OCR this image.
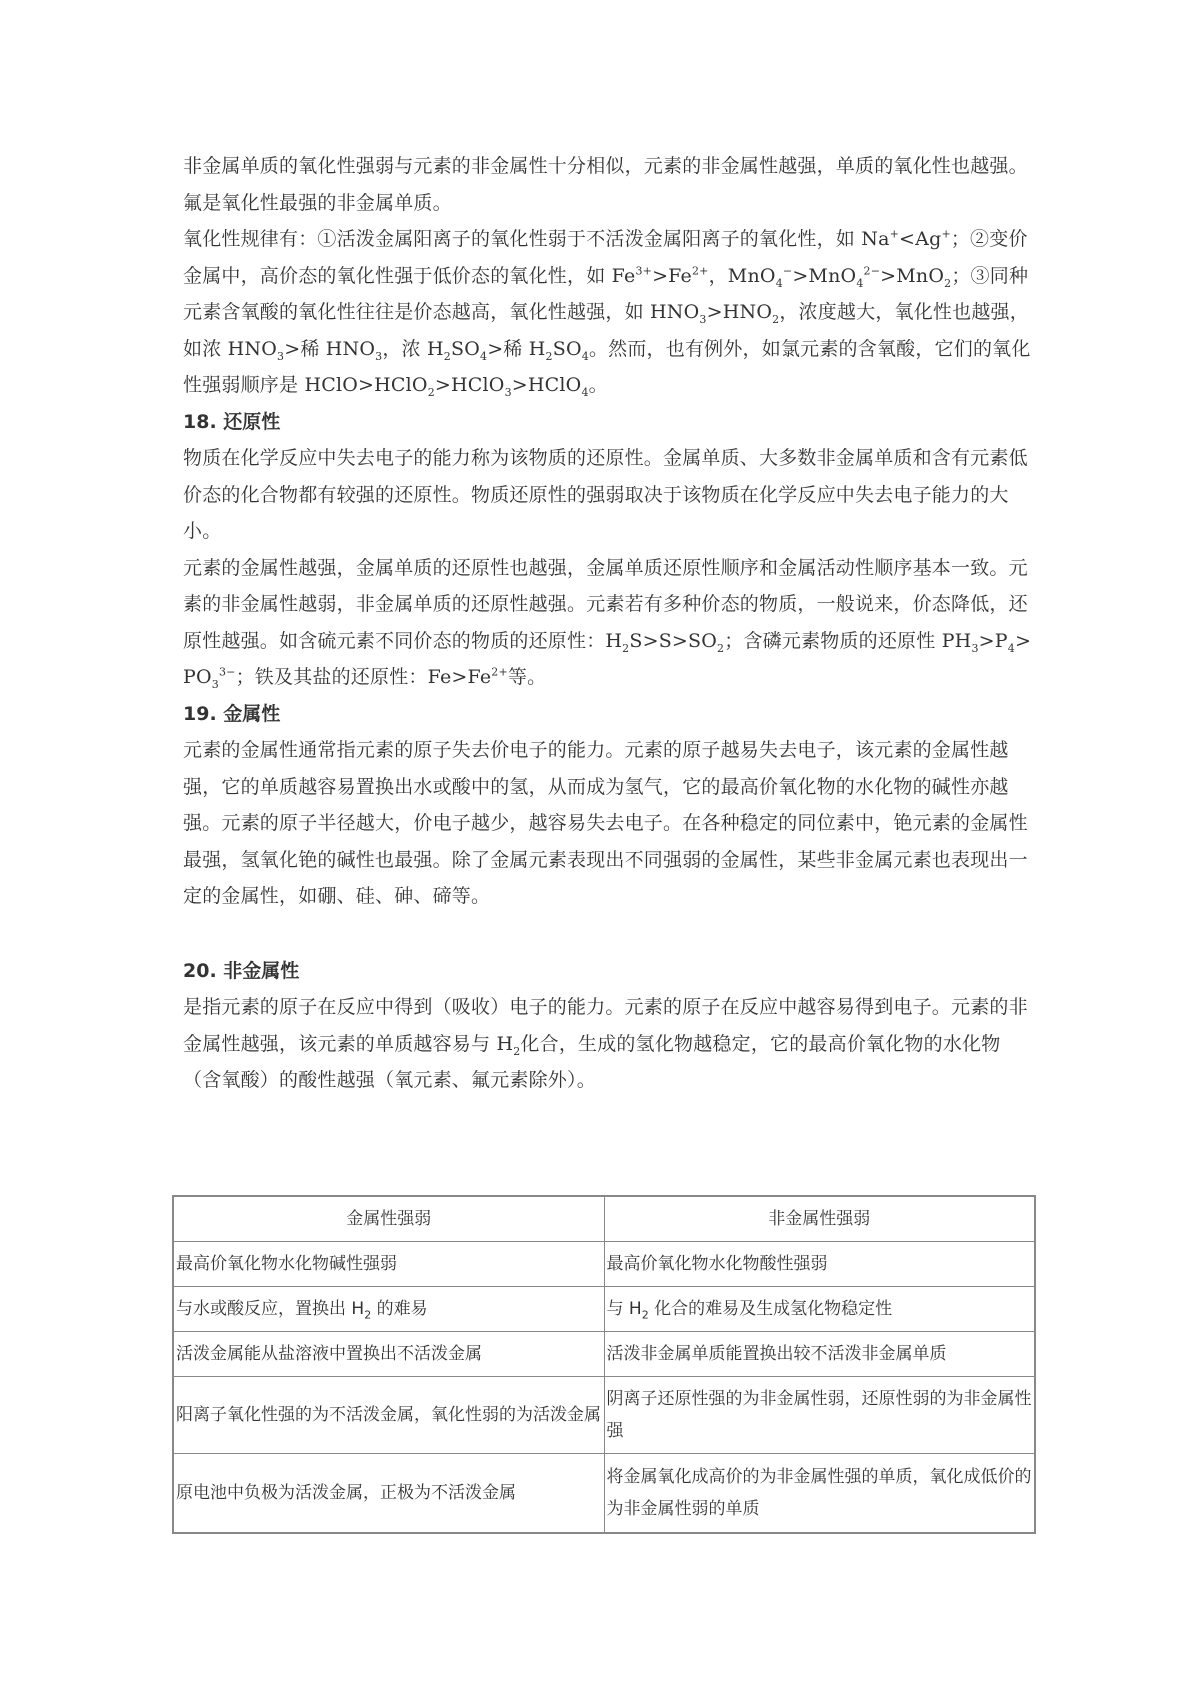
非金属单质的氧化性强弱与元素的非金属性十分相似，元素的非金属性越强，单质的氧化性也越强。氟是氧化性最强的非金属单质。

氧化性规律有：①活泼金属阳离子的氧化性弱于不活泼金属阳离子的氧化性，如 Na+<Ag+；②变价金属中，高价态的氧化性强于低价态的氧化性，如 $Fe^{3+}>Fe^{2+}$，MnO$_4$−>MnO$_4^{2-}$>MnO$_2$；③同种元素含氧酸的氧化性往往是价态越高，氧化性越强，如 $HNO_3>HNO_2$，浓度越大，氧化性也越强，如浓 $HNO_3>$稀 $HNO_3$，浓 $H_2SO_4>$稀 $H_2SO_4$。然而，也有例外，如氯元素的含氧酸，它们的氧化性强弱顺序是 HClO>HClO$_2$>HClO$_3$>HClO$_4$。

18. 还原性

物质在化学反应中失去电子的能力称为该物质的还原性。金属单质、大多数非金属单质和含有元素低价态的化合物都有较强的还原性。物质还原性的强弱取决于该物质在化学反应中失去电子能力的大小。

元素的金属性越强，金属单质的还原性也越强，金属单质还原性顺序和金属活动性顺序基本一致。元素的非金属性越弱，非金属单质的还原性越强。元素若有多种价态的物质，一般说来，价态降低，还原性越强。如含硫元素不同价态的物质的还原性：$H_2S>S>SO_2$；含磷元素物质的还原性 $PH_3>P_4>PO_3^{3-}$；铁及其盐的还原性：$Fe>Fe^{2+}$等。

19. 金属性

元素的金属性通常指元素的原子失去价电子的能力。元素的原子越易失去电子，该元素的金属性越强，它的单质越容易置换出水或酸中的氢，从而成为氢气，它的最高价氧化物的水化物的碱性亦越强。元素的原子半径越大，价电子越少，越容易失去电子。在各种稳定的同位素中，铯元素的金属性最强，氢氧化铯的碱性也最强。除了金属元素表现出不同强弱的金属性，某些非金属元素也表现出一定的金属性，如硼、硅、砷、碲等。

20. 非金属性

是指元素的原子在反应中得到（吸收）电子的能力。元素的原子在反应中越容易得到电子。元素的非金属性越强，该元素的单质越容易与 $H_2$化合，生成的氢化物越稳定，它的最高价氧化物的水化物（含氧酸）的酸性越强（氧元素、氟元素除外）。

金属性强弱	非金属性强弱
最高价氧化物水化物碱性强弱	最高价氧化物水化物酸性强弱
与水或酸反应，置换出 $H_2$ 的难易	与 $H_2$ 化合的难易及生成氢化物稳定性
活泼金属能从盐溶液中置换出不活泼金属	活泼非金属单质能置换出较不活泼非金属单质
阳离子氧化性强的为不活泼金属，氧化性弱的为活泼金属	阴离子还原性强的为非金属性弱，还原性弱的为非金属性强
原电池中负极为活泼金属，正极为不活泼金属	将金属氧化成高价的为非金属性强的单质，氧化成低价的为非金属性弱的单质
